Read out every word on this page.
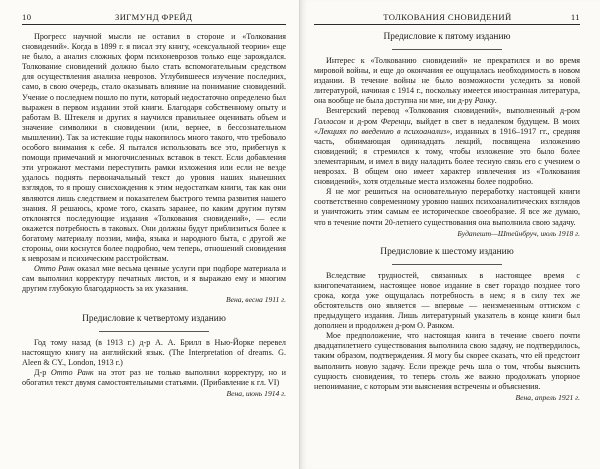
10	ЗИГМУНД ФРЕЙД

Прогресс научной мысли не оставил в стороне и «Толкования сновидений». Когда в 1899 г. я писал эту книгу, «сексуальной теории» еще не было, а анализ сложных форм психоневрозов только еще зарождался. Толкование сновидений должно было стать вспомогательным средством для осуществления анализа неврозов. Углубившееся изучение последних, само, в свою очередь, стало оказывать влияние на понимание сновидений. Учение о последнем пошло по пути, который недостаточно определено был выражен в первом издании этой книги. Благодаря собственному опыту и работам В. Штекеля и других я научился правильнее оценивать объем и значение символики в сновидении (или, вернее, в бессознательном мышлении). Так за истекшие годы накопилось много такого, что требовало особого внимания к себе. Я пытался использовать все это, прибегнув к помощи примечаний и многочисленных вставок в текст. Если добавления эти угрожают местами переступить рамки изложения или если не везде удалось поднять первоначальный текст до уровня наших нынешних взглядов, то я прошу снисхождения к этим недостаткам книги, так как они являются лишь следствием и показателем быстрого темпа развития нашего знания. Я решаюсь, кроме того, сказать заранее, по каким другим путям отклонятся последующие издания «Толкования сновидений», — если окажется потребность в таковых. Они должны будут приблизиться более к богатому материалу поэзии, мифа, языка и народного быта, с другой же стороны, они коснутся более подробно, чем теперь, отношений сновидения к неврозам и психическим расстройствам.

Отто Ранк оказал мне весьма ценные услуги при подборе материала и сам выполнил корректуру печатных листов, и я выражаю ему и многим другим глубокую благодарность за их указания.

Вена, весна 1911 г.

Предисловие к четвертому изданию

Год тому назад (в 1913 г.) д-р А. А. Брилл в Нью-Йорке перевел настоящую книгу на английский язык. (The Interpretation of dreams. G. Aleen & CY., London, 1913 г.)

Д-р Отто Ранк на этот раз не только выполнил корректуру, но и обогатил текст двумя самостоятельными статьями. (Прибавление к гл. VI)

Вена, июнь 1914 г.

ТОЛКОВАНИЯ СНОВИДЕНИЙ	11
Предисловие к пятому изданию

Интерес к «Толкованию сновидений» не прекратился и во время мировой войны, и еще до окончания ее ощущалась необходимость в новом издании. В течение войны не было возможности уследить за новой литературой, начиная с 1914 г., поскольку имеется иностранная литература, она вообще не была доступна ни мне, ни д-ру Ранку.

Венгерский перевод «Толкования сновидений», выполненный д-ром Голлосом и д-ром Ференци, выйдет в свет в недалеком будущем. В моих «Лекциях по введению в психоанализ», изданных в 1916–1917 гг., средняя часть, обнимающая одиннадцать лекций, посвящена изложению сновидений; я стремился к тому, чтобы изложение это было более элементарным, и имел в виду наладить более тесную связь его с учением о неврозах. В общем оно имеет характер извлечения из «Толкования сновидений», хотя отдельные места изложены более подробно.

Я не мог решиться на основательную переработку настоящей книги соответственно современному уровню наших психоаналитических взглядов и уничтожить этим самым ее историческое своеобразие. Я все же думаю, что в течение почти 20-летнего существования она выполнила свою задачу.

Будапешт—Штейнбруч, июль 1918 г.

Предисловие к шестому изданию

Вследствие трудностей, связанных в настоящее время с книгопечатанием, настоящее новое издание в свет гораздо позднее того срока, когда уже ощущалась потребность в нем; я в силу тех же обстоятельств оно является — впервые — неизмененным оттиском с предыдущего издания. Лишь литературный указатель в конце книги был дополнен и продолжен д-ром О. Ранком.

Мое предположение, что настоящая книга в течение своего почти двадцатилетнего существования выполнила свою задачу, не подтвердилось, таким образом, подтверждения. Я могу бы скорее сказать, что ей предстоит выполнить новую задачу. Если прежде речь шла о том, чтобы выяснить сущность сновидения, то теперь столь же важно продолжать упорное непонимание, с которым эти выяснения встречены и объяснения.

Вена, апрель 1921 г.
